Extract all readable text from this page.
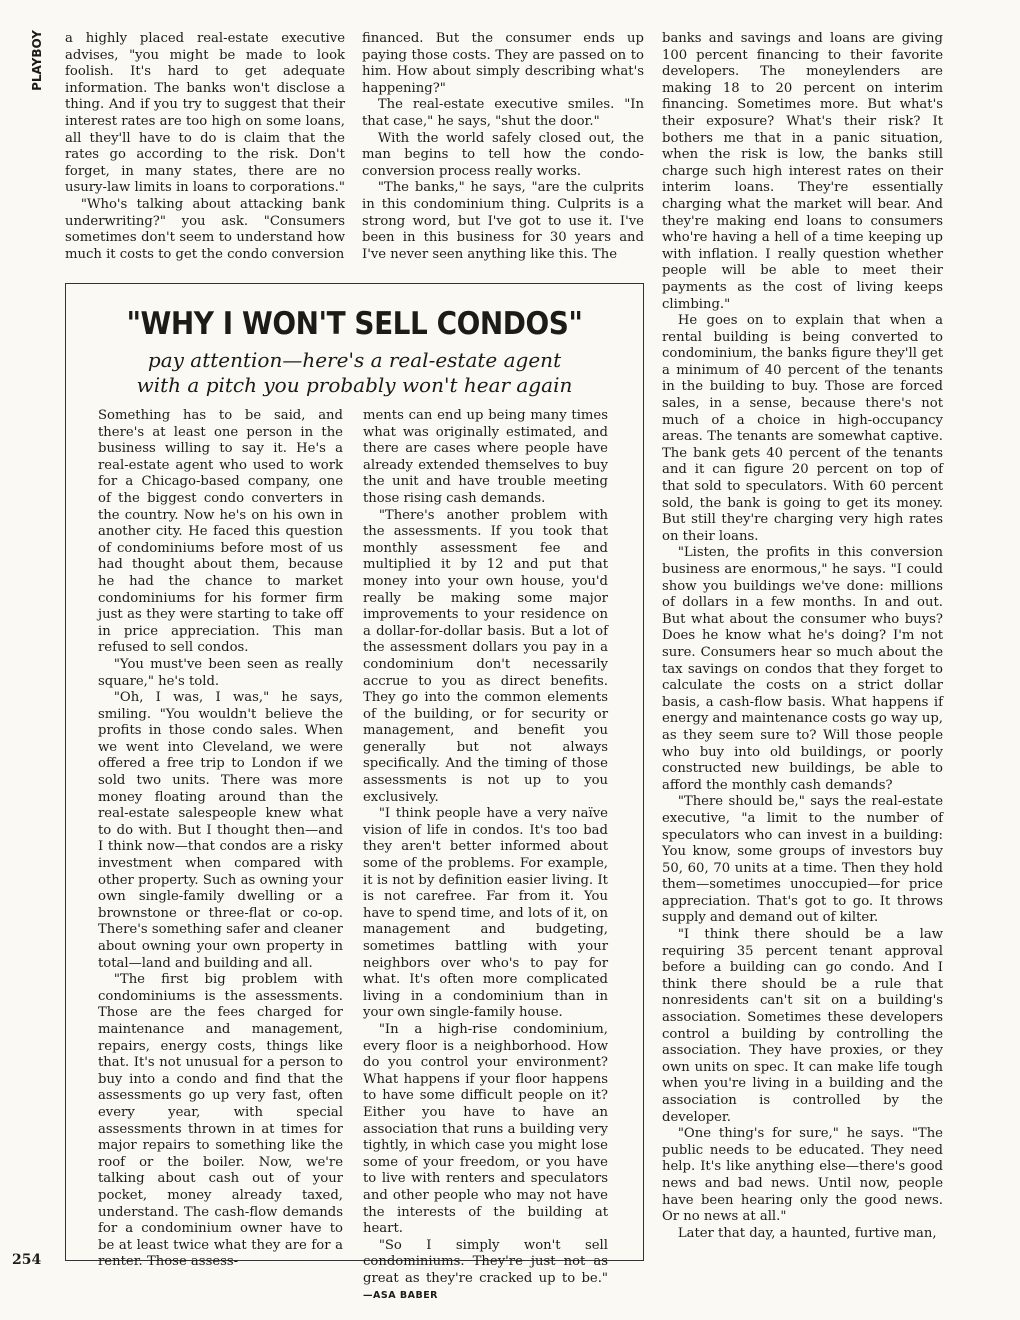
PLAYBOY	a highly placed real-estate executive advises, "you might be made to look foolish. It's hard to get adequate information. The banks won't disclose a thing. And if you try to suggest that their interest rates are too high on some loans, all they'll have to do is claim that the rates go according to the risk. Don't forget, in many states, there are no usury-law limits in loans to corporations."

"Who's talking about attacking bank underwriting?" you ask. "Consumers sometimes don't seem to understand how much it costs to get the condo conversion

financed. But the consumer ends up paying those costs. They are passed on to him. How about simply describing what's happening?"

The real-estate executive smiles. "In that case," he says, "shut the door."

With the world safely closed out, the man begins to tell how the condo-conversion process really works.

"The banks," he says, "are the culprits in this condominium thing. Culprits is a strong word, but I've got to use it. I've been in this business for 30 years and I've never seen anything like this. The

banks and savings and loans are giving 100 percent financing to their favorite developers. The moneylenders are making 18 to 20 percent on interim financing. Sometimes more. But what's their exposure? What's their risk? It bothers me that in a panic situation, when the risk is low, the banks still charge such high interest rates on their interim loans. They're essentially charging what the market will bear. And they're making end loans to consumers who're having a hell of a time keeping up with inflation. I really question whether people will be able to meet their payments as the cost of living keeps climbing."

He goes on to explain that when a rental building is being converted to condominium, the banks figure they'll get a minimum of 40 percent of the tenants in the building to buy. Those are forced sales, in a sense, because there's not much of a choice in high-occupancy areas. The tenants are somewhat captive. The bank gets 40 percent of the tenants and it can figure 20 percent on top of that sold to speculators. With 60 percent sold, the bank is going to get its money. But still they're charging very high rates on their loans.

"Listen, the profits in this conversion business are enormous," he says. "I could show you buildings we've done: millions of dollars in a few months. In and out. But what about the consumer who buys? Does he know what he's doing? I'm not sure. Consumers hear so much about the tax savings on condos that they forget to calculate the costs on a strict dollar basis, a cash-flow basis. What happens if energy and maintenance costs go way up, as they seem sure to? Will those people who buy into old buildings, or poorly constructed new buildings, be able to afford the monthly cash demands?

"There should be," says the real-estate executive, "a limit to the number of speculators who can invest in a building: You know, some groups of investors buy 50, 60, 70 units at a time. Then they hold them—sometimes unoccupied—for price appreciation. That's got to go. It throws supply and demand out of kilter.

"I think there should be a law requiring 35 percent tenant approval before a building can go condo. And I think there should be a rule that nonresidents can't sit on a building's association. Sometimes these developers control a building by controlling the association. They have proxies, or they own units on spec. It can make life tough when you're living in a building and the association is controlled by the developer.

"One thing's for sure," he says. "The public needs to be educated. They need help. It's like anything else—there's good news and bad news. Until now, people have been hearing only the good news. Or no news at all."

Later that day, a haunted, furtive man,

"WHY I WON'T SELL CONDOS"
pay attention—here's a real-estate agent
with a pitch you probably won't hear again

Something has to be said, and there's at least one person in the business willing to say it. He's a real-estate agent who used to work for a Chicago-based company, one of the biggest condo converters in the country. Now he's on his own in another city. He faced this question of condominiums before most of us had thought about them, because he had the chance to market condominiums for his former firm just as they were starting to take off in price appreciation. This man refused to sell condos.

"You must've been seen as really square," he's told.

"Oh, I was, I was," he says, smiling. "You wouldn't believe the profits in those condo sales. When we went into Cleveland, we were offered a free trip to London if we sold two units. There was more money floating around than the real-estate salespeople knew what to do with. But I thought then—and I think now—that condos are a risky investment when compared with other property. Such as owning your own single-family dwelling or a brownstone or three-flat or co-op. There's something safer and cleaner about owning your own property in total—land and building and all.

"The first big problem with condominiums is the assessments. Those are the fees charged for maintenance and management, repairs, energy costs, things like that. It's not unusual for a person to buy into a condo and find that the assessments go up very fast, often every year, with special assessments thrown in at times for major repairs to something like the roof or the boiler. Now, we're talking about cash out of your pocket, money already taxed, understand. The cash-flow demands for a condominium owner have to be at least twice what they are for a renter. Those assess-

ments can end up being many times what was originally estimated, and there are cases where people have already extended themselves to buy the unit and have trouble meeting those rising cash demands.

"There's another problem with the assessments. If you took that monthly assessment fee and multiplied it by 12 and put that money into your own house, you'd really be making some major improvements to your residence on a dollar-for-dollar basis. But a lot of the assessment dollars you pay in a condominium don't necessarily accrue to you as direct benefits. They go into the common elements of the building, or for security or management, and benefit you generally but not always specifically. And the timing of those assessments is not up to you exclusively.

"I think people have a very naïve vision of life in condos. It's too bad they aren't better informed about some of the problems. For example, it is not by definition easier living. It is not carefree. Far from it. You have to spend time, and lots of it, on management and budgeting, sometimes battling with your neighbors over who's to pay for what. It's often more complicated living in a condominium than in your own single-family house.

"In a high-rise condominium, every floor is a neighborhood. How do you control your environment? What happens if your floor happens to have some difficult people on it? Either you have to have an association that runs a building very tightly, in which case you might lose some of your freedom, or you have to live with renters and speculators and other people who may not have the interests of the building at heart.

"So I simply won't sell condominiums. They're just not as great as they're cracked up to be." —ASA BABER

254
